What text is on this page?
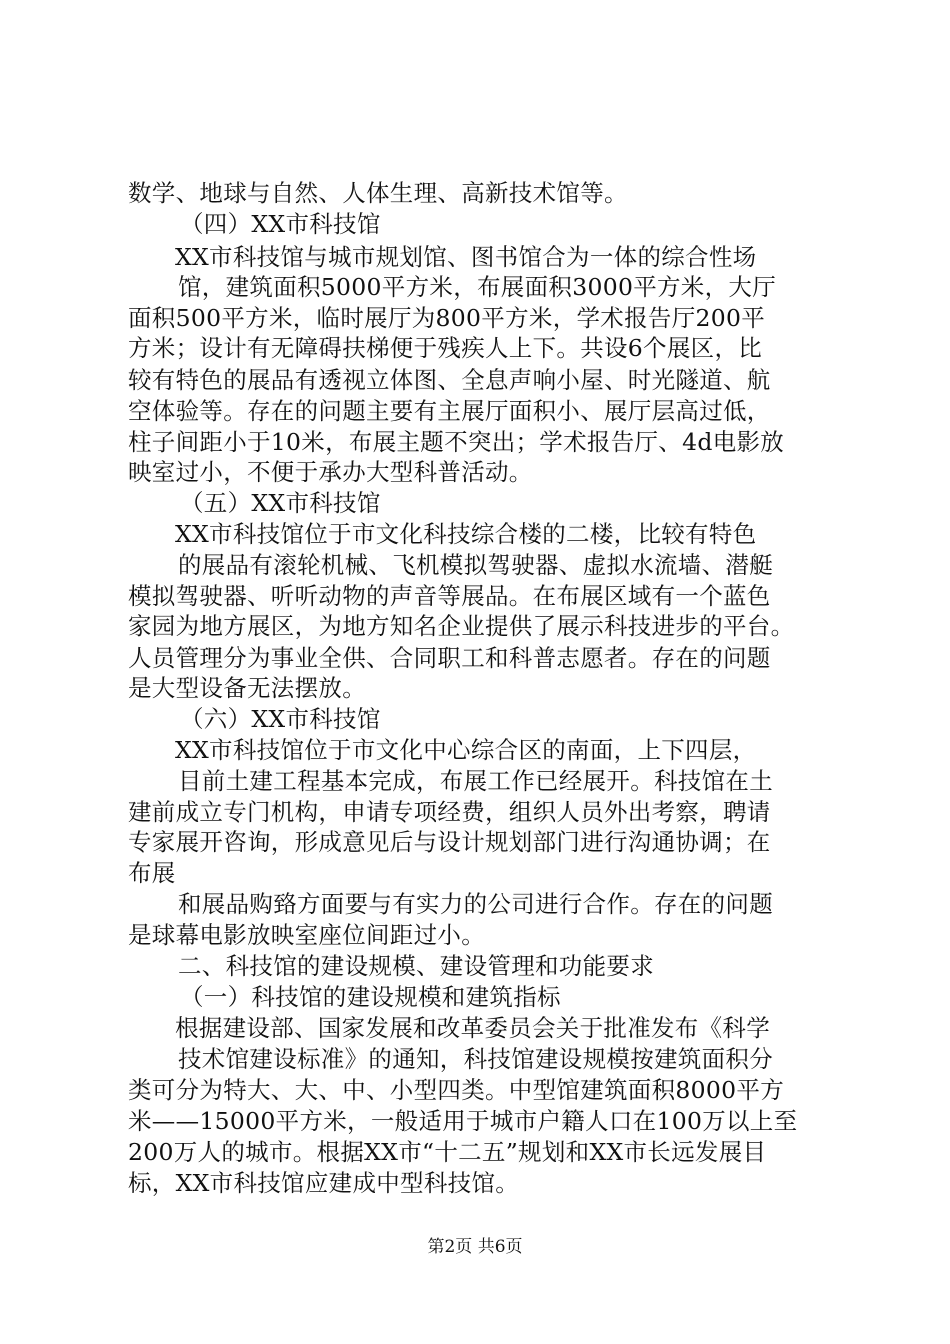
数学、地球与自然、人体生理、高新技术馆等。
（四）XX市科技馆
XX市科技馆与城市规划馆、图书馆合为一体的综合性场
馆，建筑面积5000平方米，布展面积3000平方米，大厅
面积500平方米，临时展厅为800平方米，学术报告厅200平
方米；设计有无障碍扶梯便于残疾人上下。共设6个展区，比
较有特色的展品有透视立体图、全息声响小屋、时光隧道、航
空体验等。存在的问题主要有主展厅面积小、展厅层高过低，
柱子间距小于10米，布展主题不突出；学术报告厅、4d电影放
映室过小，不便于承办大型科普活动。
（五）XX市科技馆
XX市科技馆位于市文化科技综合楼的二楼，比较有特色
的展品有滚轮机械、飞机模拟驾驶器、虚拟水流墙、潜艇
模拟驾驶器、听听动物的声音等展品。在布展区域有一个蓝色
家园为地方展区，为地方知名企业提供了展示科技进步的平台。
人员管理分为事业全供、合同职工和科普志愿者。存在的问题
是大型设备无法摆放。
（六）XX市科技馆
XX市科技馆位于市文化中心综合区的南面，上下四层，
目前土建工程基本完成，布展工作已经展开。科技馆在土
建前成立专门机构，申请专项经费，组织人员外出考察，聘请
专家展开咨询，形成意见后与设计规划部门进行沟通协调；在
布展
和展品购臵方面要与有实力的公司进行合作。存在的问题
是球幕电影放映室座位间距过小。
二、科技馆的建设规模、建设管理和功能要求
（一）科技馆的建设规模和建筑指标
根据建设部、国家发展和改革委员会关于批准发布《科学
技术馆建设标准》的通知，科技馆建设规模按建筑面积分
类可分为特大、大、中、小型四类。中型馆建筑面积8000平方
米——15000平方米，一般适用于城市户籍人口在100万以上至
200万人的城市。根据XX市“十二五”规划和XX市长远发展目
标，XX市科技馆应建成中型科技馆。
第2页 共6页
